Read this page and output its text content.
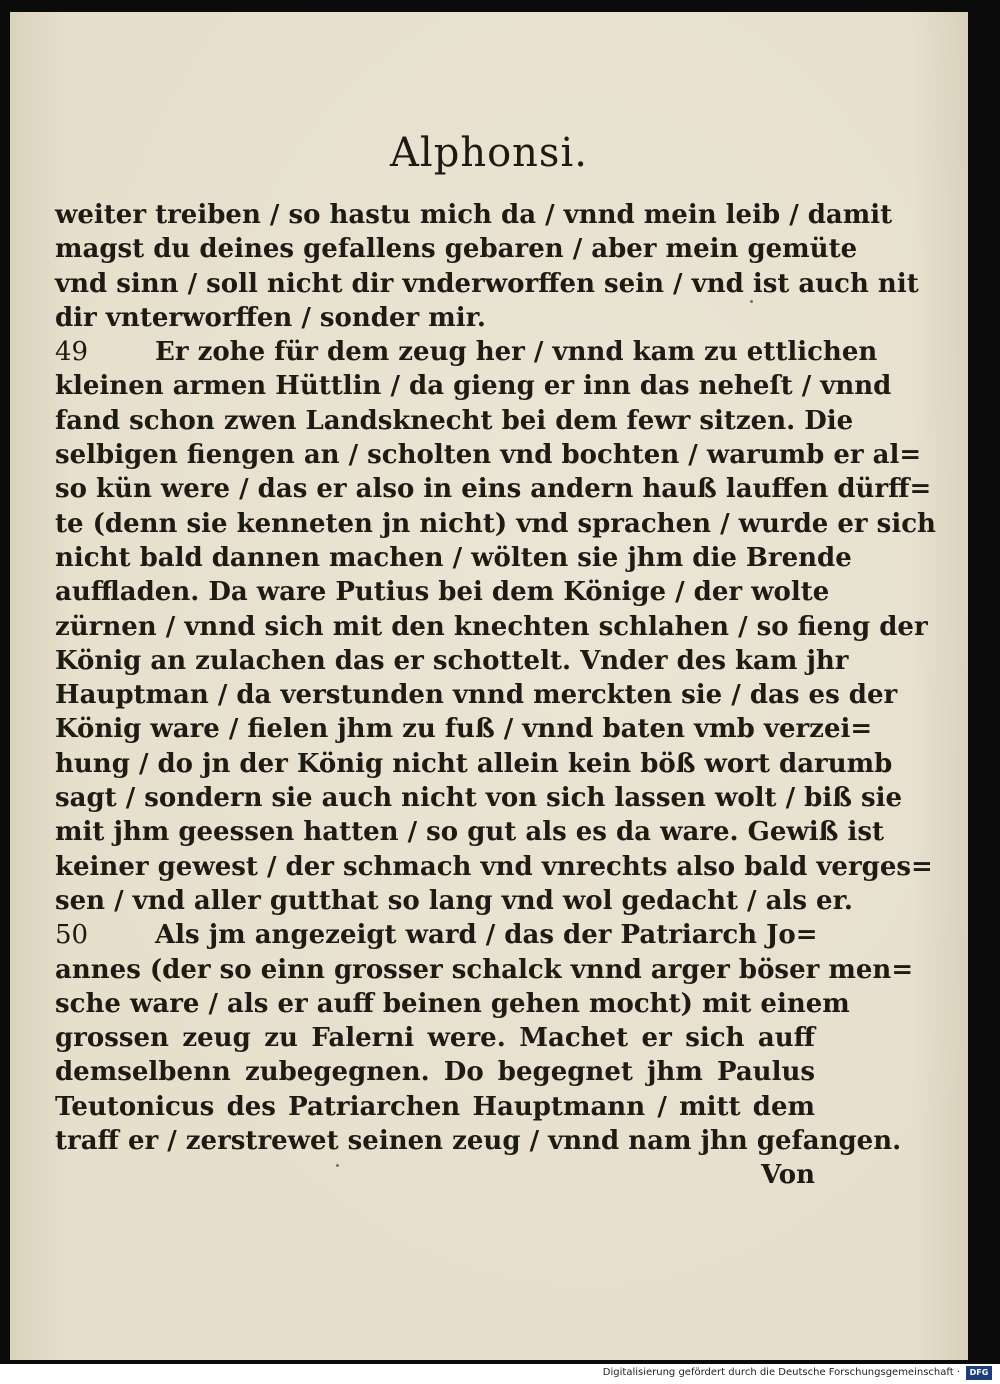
Alphonsi.
weiter treiben / so hastu mich da / vnnd mein leib / damit
magst du deines gefallens gebaren / aber mein gemüte
vnd sinn / soll nicht dir vnderworffen sein / vnd ist auch nit
dir vnterworffen / sonder mir.
49	Er zohe für dem zeug her / vnnd kam zu ettlichen
kleinen armen Hüttlin / da gieng er inn das neheſt / vnnd
fand schon zwen Landsknecht bei dem fewr sitzen. Die
selbigen fiengen an / scholten vnd bochten / warumb er al=
so kün were / das er also in eins andern hauß lauffen dürff=
te (denn sie kenneten jn nicht) vnd sprachen / wurde er sich
nicht bald dannen machen / wölten sie jhm die Brende
auffladen. Da ware Putius bei dem Könige / der wolte
zürnen / vnnd sich mit den knechten schlahen / so fieng der
König an zulachen das er schottelt. Vnder des kam jhr
Hauptman / da verstunden vnnd merckten sie / das es der
König ware / fielen jhm zu fuß / vnnd baten vmb verzei=
hung / do jn der König nicht allein kein böß wort darumb
sagt / sondern sie auch nicht von sich lassen wolt / biß sie
mit jhm geessen hatten / so gut als es da ware. Gewiß ist
keiner gewest / der schmach vnd vnrechts also bald verges=
sen / vnd aller gutthat so lang vnd wol gedacht / als er.
50	Als jm angezeigt ward / das der Patriarch Jo=
annes (der so einn grosser schalck vnnd arger böser men=
sche ware / als er auff beinen gehen mocht) mit einem
grossen zeug zu Falerni were. Machet er sich auff
demselbenn zubegegnen. Do begegnet jhm Paulus
Teutonicus des Patriarchen Hauptmann / mitt dem
traff er / zerstrewet seinen zeug / vnnd nam jhn gefangen.
Von
Digitalisierung gefördert durch die Deutsche Forschungsgemeinschaft ·	DFG
